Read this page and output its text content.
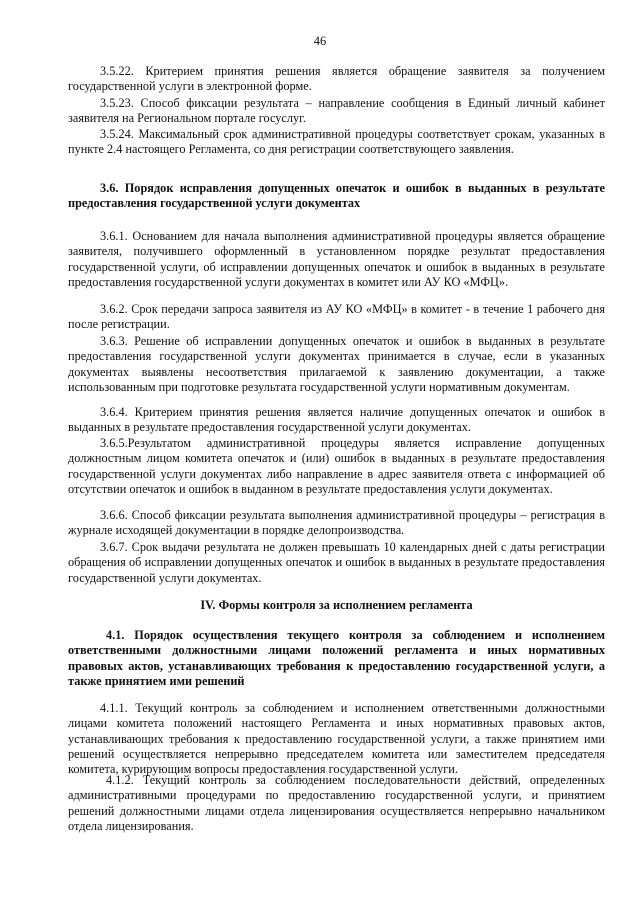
46

3.5.22. Критерием принятия решения является обращение заявителя за получением государственной услуги в электронной форме.

3.5.23. Способ фиксации результата – направление сообщения в Единый личный кабинет заявителя на Региональном портале госуслуг.

3.5.24. Максимальный срок административной процедуры соответствует срокам, указанных в пункте 2.4 настоящего Регламента, со дня регистрации соответствующего заявления.

3.6. Порядок исправления допущенных опечаток и ошибок в выданных в результате предоставления государственной услуги документах

3.6.1. Основанием для начала выполнения административной процедуры является обращение заявителя, получившего оформленный в установленном порядке результат предоставления государственной услуги, об исправлении допущенных опечаток и ошибок в выданных в результате предоставления государственной услуги документах в комитет или АУ КО «МФЦ».

3.6.2. Срок передачи запроса заявителя из АУ КО «МФЦ» в комитет - в течение 1 рабочего дня после регистрации.

3.6.3. Решение об исправлении допущенных опечаток и ошибок в выданных в результате предоставления государственной услуги документах принимается в случае, если в указанных документах выявлены несоответствия прилагаемой к заявлению документации, а также использованным при подготовке результата государственной услуги нормативным документам.

3.6.4. Критерием принятия решения является наличие допущенных опечаток и ошибок в выданных в результате предоставления государственной услуги документах.

3.6.5.Результатом административной процедуры является исправление допущенных должностным лицом комитета опечаток и (или) ошибок в выданных в результате предоставления государственной услуги документах либо направление в адрес заявителя ответа с информацией об отсутствии опечаток и ошибок в выданном в результате предоставления услуги документах.

3.6.6. Способ фиксации результата выполнения административной процедуры – регистрация в журнале исходящей документации в порядке делопроизводства.

3.6.7. Срок выдачи результата не должен превышать 10 календарных дней с даты регистрации обращения об исправлении допущенных опечаток и ошибок в выданных в результате предоставления государственной услуги документах.

IV. Формы контроля за исполнением регламента

4.1. Порядок осуществления текущего контроля за соблюдением и исполнением ответственными должностными лицами положений регламента и иных нормативных правовых актов, устанавливающих требования к предоставлению государственной услуги, а также принятием ими решений

4.1.1. Текущий контроль за соблюдением и исполнением ответственными должностными лицами комитета положений настоящего Регламента и иных нормативных правовых актов, устанавливающих требования к предоставлению государственной услуги, а также принятием ими решений осуществляется непрерывно председателем комитета или заместителем председателя комитета, курирующим вопросы предоставления государственной услуги.

4.1.2. Текущий контроль за соблюдением последовательности действий, определенных административными процедурами по предоставлению государственной услуги, и принятием решений должностными лицами отдела лицензирования осуществляется непрерывно начальником отдела лицензирования.
